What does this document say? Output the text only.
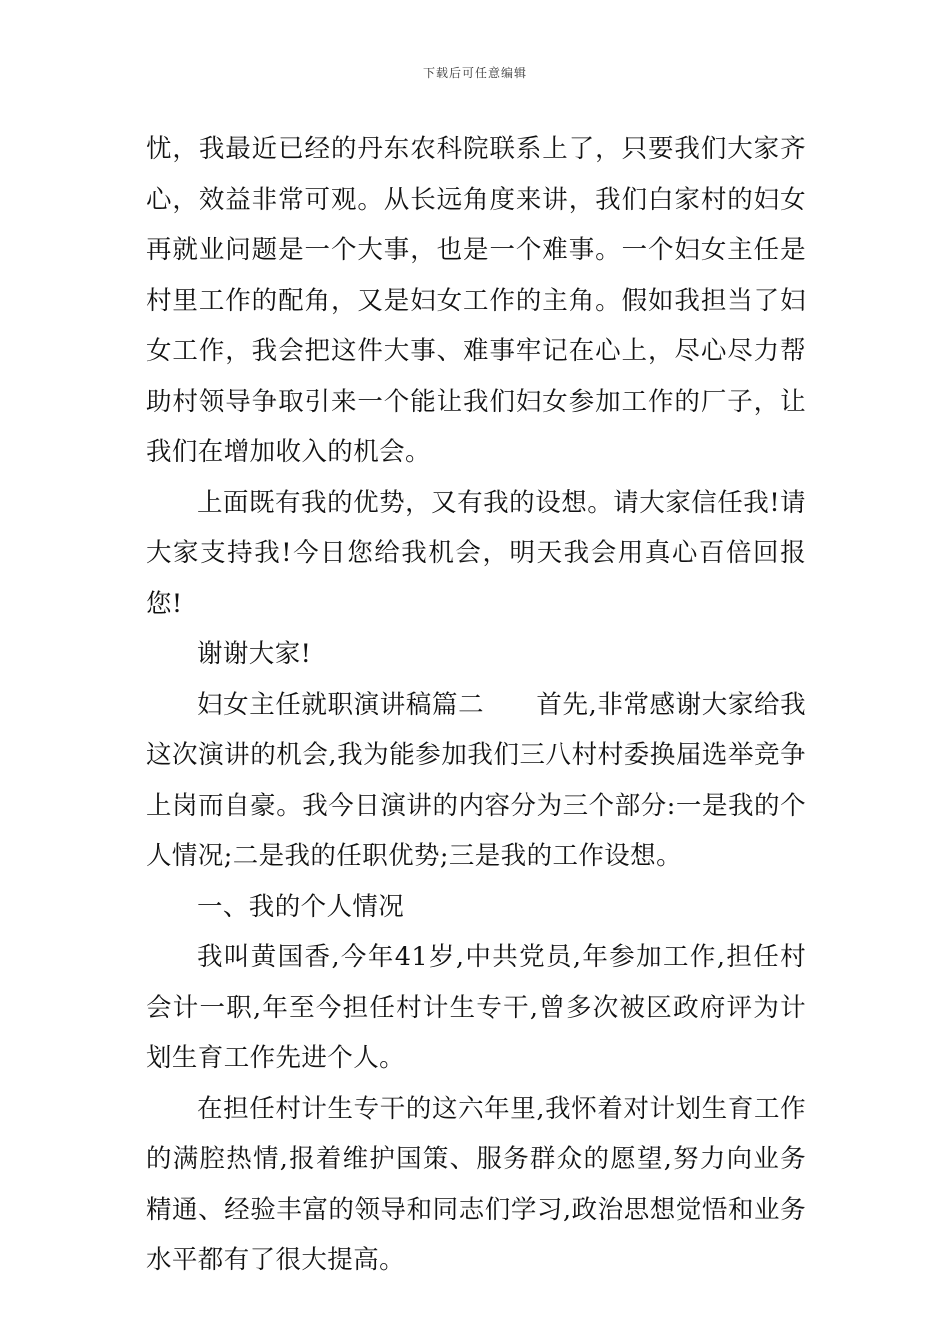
下载后可任意编辑

忧，我最近已经的丹东农科院联系上了，只要我们大家齐心，效益非常可观。从长远角度来讲，我们白家村的妇女再就业问题是一个大事，也是一个难事。一个妇女主任是村里工作的配角，又是妇女工作的主角。假如我担当了妇女工作，我会把这件大事、难事牢记在心上，尽心尽力帮助村领导争取引来一个能让我们妇女参加工作的厂子，让我们在增加收入的机会。

上面既有我的优势，又有我的设想。请大家信任我!请大家支持我!今日您给我机会，明天我会用真心百倍回报您!

谢谢大家!

妇女主任就职演讲稿篇二　　首先,非常感谢大家给我这次演讲的机会,我为能参加我们三八村村委换届选举竞争上岗而自豪。我今日演讲的内容分为三个部分:一是我的个人情况;二是我的任职优势;三是我的工作设想。

一、我的个人情况

我叫黄国香,今年41岁,中共党员,年参加工作,担任村会计一职,年至今担任村计生专干,曾多次被区政府评为计划生育工作先进个人。

在担任村计生专干的这六年里,我怀着对计划生育工作的满腔热情,报着维护国策、服务群众的愿望,努力向业务精通、经验丰富的领导和同志们学习,政治思想觉悟和业务水平都有了很大提高。
